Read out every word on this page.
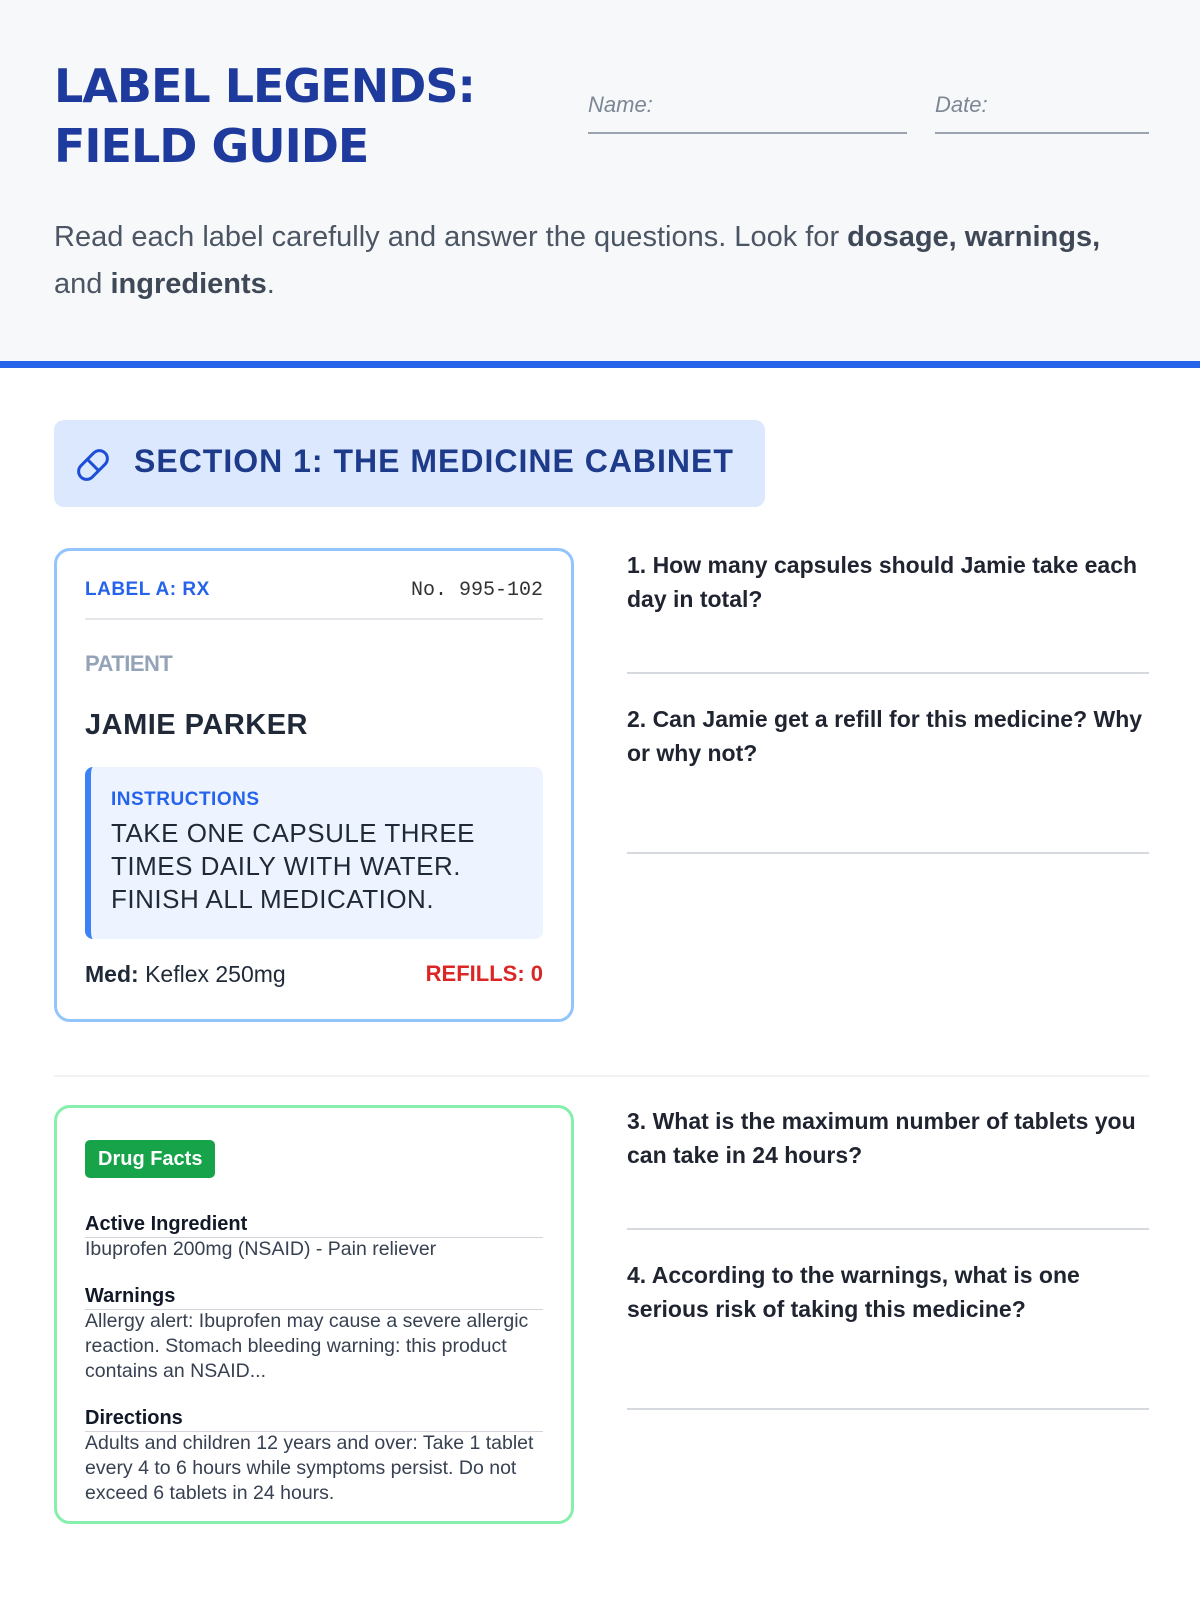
LABEL LEGENDS:
FIELD GUIDE
Name:	Date:

Read each label carefully and answer the questions. Look for dosage, warnings, and ingredients.

SECTION 1: THE MEDICINE CABINET
LABEL A: RX	No. 995-102
PATIENT
JAMIE PARKER
INSTRUCTIONS
TAKE ONE CAPSULE THREE TIMES DAILY WITH WATER. FINISH ALL MEDICATION.
Med: Keflex 250mg	REFILLS: 0
1. How many capsules should Jamie take each day in total?
2. Can Jamie get a refill for this medicine? Why or why not?
Drug Facts
Active Ingredient
Ibuprofen 200mg (NSAID) - Pain reliever
Warnings
Allergy alert: Ibuprofen may cause a severe allergic reaction. Stomach bleeding warning: this product contains an NSAID...
Directions
Adults and children 12 years and over: Take 1 tablet every 4 to 6 hours while symptoms persist. Do not exceed 6 tablets in 24 hours.
3. What is the maximum number of tablets you can take in 24 hours?
4. According to the warnings, what is one serious risk of taking this medicine?
